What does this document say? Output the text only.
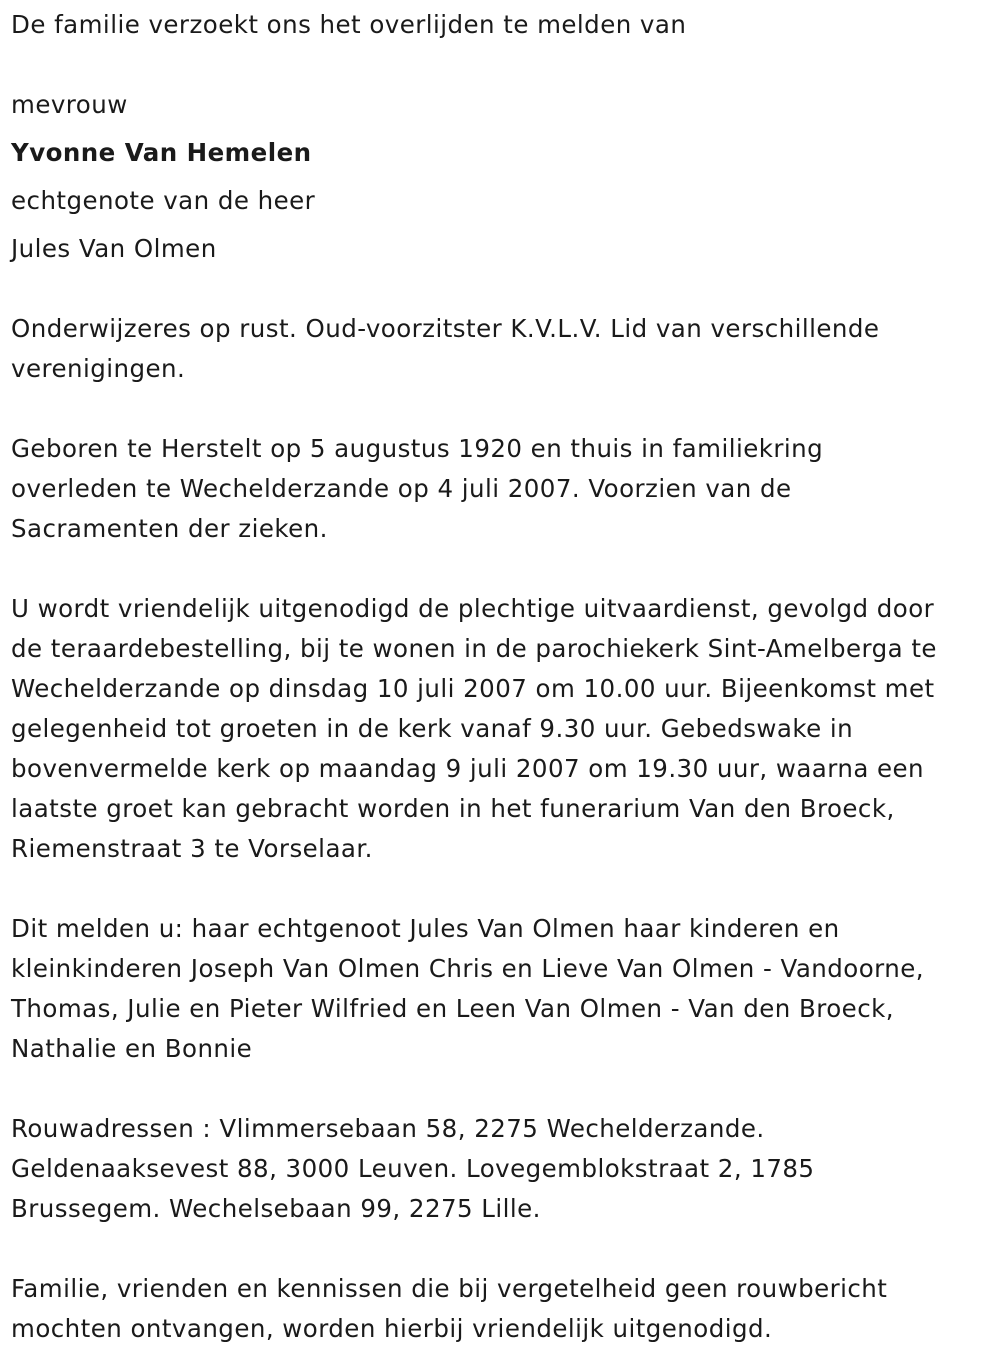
De familie verzoekt ons het overlijden te melden van
mevrouw
Yvonne Van Hemelen
echtgenote van de heer
Jules Van Olmen
Onderwijzeres op rust. Oud-voorzitster K.V.L.V. Lid van verschillende
verenigingen.
Geboren te Herstelt op 5 augustus 1920 en thuis in familiekring
overleden te Wechelderzande op 4 juli 2007. Voorzien van de
Sacramenten der zieken.
U wordt vriendelijk uitgenodigd de plechtige uitvaardienst, gevolgd door
de teraardebestelling, bij te wonen in de parochiekerk Sint-Amelberga te
Wechelderzande op dinsdag 10 juli 2007 om 10.00 uur. Bijeenkomst met
gelegenheid tot groeten in de kerk vanaf 9.30 uur. Gebedswake in
bovenvermelde kerk op maandag 9 juli 2007 om 19.30 uur, waarna een
laatste groet kan gebracht worden in het funerarium Van den Broeck,
Riemenstraat 3 te Vorselaar.
Dit melden u: haar echtgenoot Jules Van Olmen haar kinderen en
kleinkinderen Joseph Van Olmen Chris en Lieve Van Olmen - Vandoorne,
Thomas, Julie en Pieter Wilfried en Leen Van Olmen - Van den Broeck,
Nathalie en Bonnie
Rouwadressen : Vlimmersebaan 58, 2275 Wechelderzande.
Geldenaaksevest 88, 3000 Leuven. Lovegemblokstraat 2, 1785
Brussegem. Wechelsebaan 99, 2275 Lille.
Familie, vrienden en kennissen die bij vergetelheid geen rouwbericht
mochten ontvangen, worden hierbij vriendelijk uitgenodigd.
